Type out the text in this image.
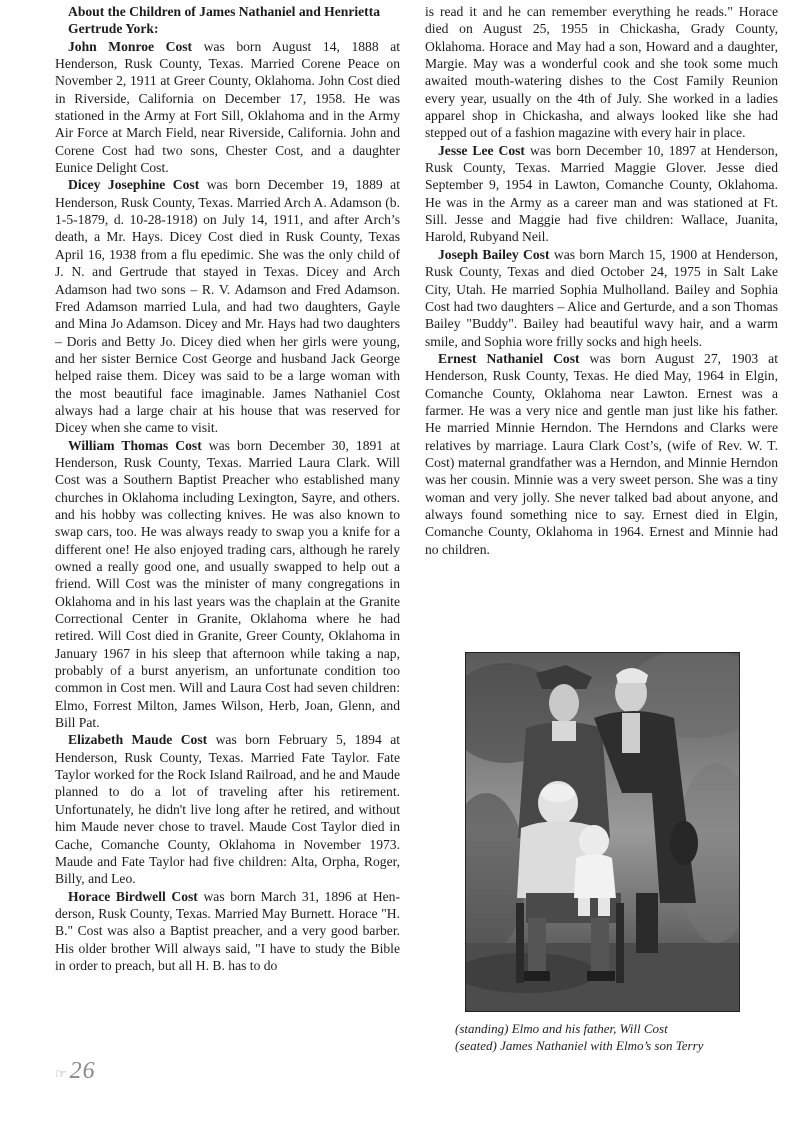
About the Children of James Nathaniel and Henrietta Gertrude York:

John Monroe Cost was born August 14, 1888 at Henderson, Rusk County, Texas. Married Corene Peace on November 2, 1911 at Greer County, Oklahoma. John Cost died in Riverside, California on December 17, 1958. He was stationed in the Army at Fort Sill, Oklahoma and in the Army Air Force at March Field, near Riverside, California. John and Corene Cost had two sons, Chester Cost, and a daughter Eunice Delight Cost.

Dicey Josephine Cost was born December 19, 1889 at Henderson, Rusk County, Texas. Married Arch A. Adamson (b. 1-5-1879, d. 10-28-1918) on July 14, 1911, and after Arch’s death, a Mr. Hays. Dicey Cost died in Rusk County, Texas April 16, 1938 from a flu epedimic. She was the only child of J. N. and Gertrude that stayed in Texas. Dicey and Arch Adamson had two sons – R. V. Adamson and Fred Adamson. Fred Adamson married Lula, and had two daughters, Gayle and Mina Jo Adamson. Dicey and Mr. Hays had two daughters – Doris and Betty Jo. Dicey died when her girls were young, and her sister Bernice Cost George and husband Jack George helped raise them. Dicey was said to be a large woman with the most beautiful face imaginable. James Nathaniel Cost always had a large chair at his house that was reserved for Dicey when she came to visit.

William Thomas Cost was born December 30, 1891 at Henderson, Rusk County, Texas. Married Laura Clark. Will Cost was a Southern Baptist Preacher who established many churches in Oklahoma including Lexington, Sayre, and others. and his hobby was collecting knives. He was also known to swap cars, too. He was always ready to swap you a knife for a different one! He also enjoyed trading cars, although he rarely owned a really good one, and usually swapped to help out a friend. Will Cost was the minister of many congregations in Oklahoma and in his last years was the chaplain at the Granite Correctional Center in Granite, Oklahoma where he had retired. Will Cost died in Granite, Greer County, Oklahoma in January 1967 in his sleep that afternoon while taking a nap, probably of a burst anyerism, an unfortunate condition too common in Cost men. Will and Laura Cost had seven children: Elmo, Forrest Milton, James Wilson, Herb, Joan, Glenn, and Bill Pat.

Elizabeth Maude Cost was born February 5, 1894 at Henderson, Rusk County, Texas. Married Fate Taylor. Fate Taylor worked for the Rock Island Railroad, and he and Maude planned to do a lot of traveling after his retirement. Unfortunately, he didn't live long after he retired, and without him Maude never chose to travel. Maude Cost Taylor died in Cache, Comanche County, Oklahoma in November 1973. Maude and Fate Taylor had five children: Alta, Orpha, Roger, Billy, and Leo.

Horace Birdwell Cost was born March 31, 1896 at Henderson, Rusk County, Texas. Married May Burnett. Horace "H. B." Cost was also a Baptist preacher, and a very good barber. His older brother Will always said, "I have to study the Bible in order to preach, but all H. B. has to do

is read it and he can remember everything he reads." Horace died on August 25, 1955 in Chickasha, Grady County, Oklahoma. Horace and May had a son, Howard and a daughter, Margie. May was a wonderful cook and she took some much awaited mouth-watering dishes to the Cost Family Reunion every year, usually on the 4th of July. She worked in a ladies apparel shop in Chickasha, and always looked like she had stepped out of a fashion magazine with every hair in place.

Jesse Lee Cost was born December 10, 1897 at Henderson, Rusk County, Texas. Married Maggie Glover. Jesse died September 9, 1954 in Lawton, Comanche County, Oklahoma. He was in the Army as a career man and was stationed at Ft. Sill. Jesse and Maggie had five children: Wallace, Juanita, Harold, Rubyand Neil.

Joseph Bailey Cost was born March 15, 1900 at Henderson, Rusk County, Texas and died October 24, 1975 in Salt Lake City, Utah. He married Sophia Mulholland. Bailey and Sophia Cost had two daughters – Alice and Gerturde, and a son Thomas Bailey "Buddy". Bailey had beautiful wavy hair, and a warm smile, and Sophia wore frilly socks and high heels.

Ernest Nathaniel Cost was born August 27, 1903 at Henderson, Rusk County, Texas. He died May, 1964 in Elgin, Comanche County, Oklahoma near Lawton. Ernest was a farmer. He was a very nice and gentle man just like his father. He married Minnie Herndon. The Herndons and Clarks were relatives by marriage. Laura Clark Cost’s, (wife of Rev. W. T. Cost) maternal grandfather was a Herndon, and Minnie Herndon was her cousin. Minnie was a very sweet person. She was a tiny woman and very jolly. She never talked bad about anyone, and always found something nice to say. Ernest died in Elgin, Comanche County, Oklahoma in 1964. Ernest and Minnie had no children.

(standing) Elmo and his father, Will Cost
(seated) James Nathaniel with Elmo’s son Terry
☞ 26
